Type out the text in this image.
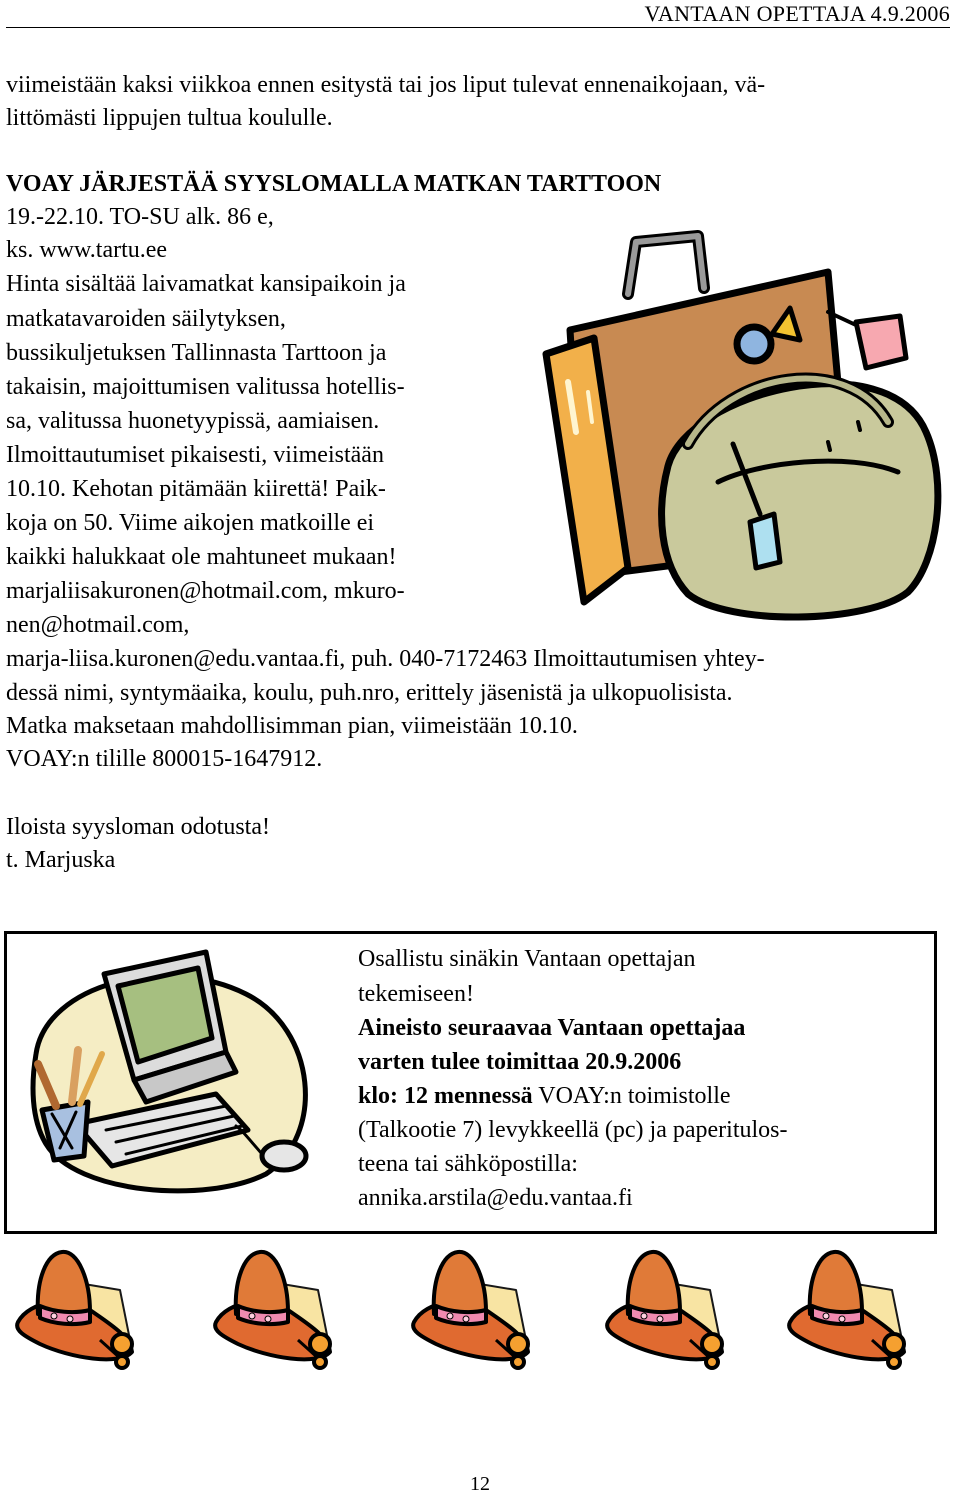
VANTAAN OPETTAJA 4.9.2006
viimeistään kaksi viikkoa ennen esitystä tai jos liput tulevat ennenaikojaan, vä-
littömästi lippujen tultua koululle.
VOAY JÄRJESTÄÄ SYYSLOMALLA MATKAN TARTTOON
19.-22.10. TO-SU alk. 86 e,
ks. www.tartu.ee
Hinta sisältää laivamatkat kansipaikoin ja
matkatavaroiden säilytyksen,
bussikuljetuksen Tallinnasta Tarttoon ja
takaisin, majoittumisen valitussa hotellis-
sa, valitussa huonetyypissä, aamiaisen.
Ilmoittautumiset pikaisesti, viimeistään
10.10. Kehotan pitämään kiirettä! Paik-
koja on 50. Viime aikojen matkoille ei
kaikki halukkaat ole mahtuneet mukaan!
marjaliisakuronen@hotmail.com, mkuro-
nen@hotmail.com,
marja-liisa.kuronen@edu.vantaa.fi, puh. 040-7172463 Ilmoittautumisen yhtey-
dessä nimi, syntymäaika, koulu, puh.nro, erittely jäsenistä ja ulkopuolisista.
Matka maksetaan mahdollisimman pian, viimeistään 10.10.
VOAY:n tilille 800015-1647912.
Iloista syysloman odotusta!
t. Marjuska
Osallistu sinäkin Vantaan opettajan
tekemiseen!
Aineisto seuraavaa Vantaan opettajaa
varten tulee toimittaa 20.9.2006
klo: 12 mennessä VOAY:n toimistolle
(Talkootie 7) levykkeellä (pc) ja paperitulos-
teena tai sähköpostilla:
annika.arstila@edu.vantaa.fi
12
